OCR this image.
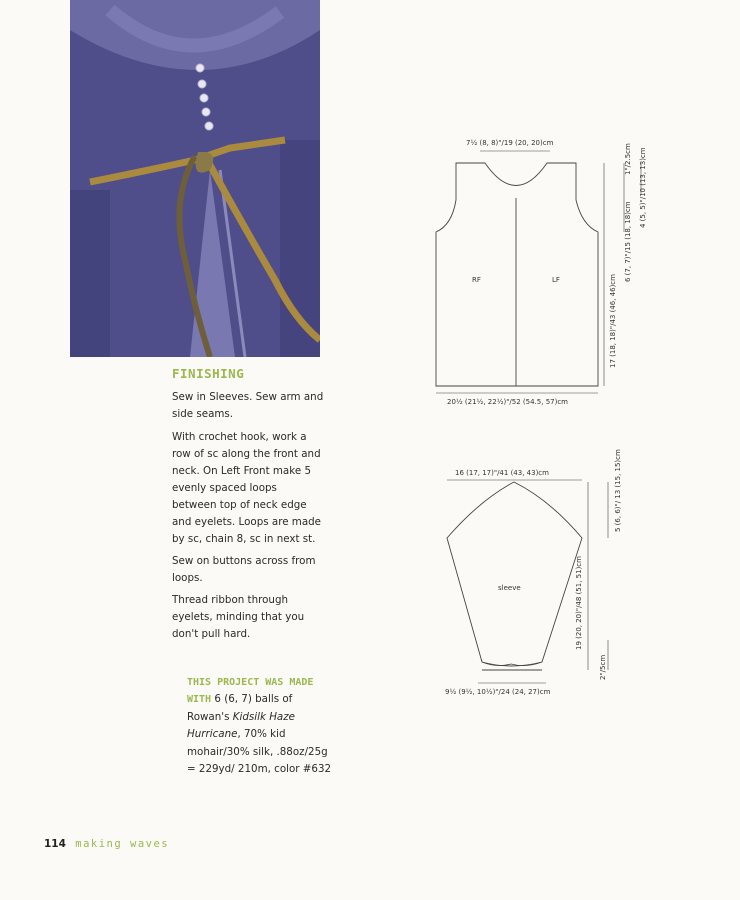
FINISHING

Sew in Sleeves. Sew arm and side seams.

With crochet hook, work a row of sc along the front and neck. On Left Front make 5 evenly spaced loops between top of neck edge and eyelets. Loops are made by sc, chain 8, sc in next st.

Sew on buttons across from loops.

Thread ribbon through eyelets, minding that you don't pull hard.

THIS PROJECT WAS MADE WITH 6 (6, 7) balls of Rowan's Kidsilk Haze Hurricane, 70% kid mohair/30% silk, .88oz/25g = 229yd/ 210m, color #632

7½ (8, 8)"/19 (20, 20)cm
RF	LF
20½ (21½, 22½)"/52 (54.5, 57)cm
17 (18, 18)"/43 (46, 46)cm
6 (7, 7)"/15 (18, 18)cm
4 (5, 5)"/10 (13, 13)cm
1"/2.5cm
16 (17, 17)"/41 (43, 43)cm
sleeve
5 (6, 6)"/ 13 (15, 15)cm
19 (20, 20)"/48 (51, 51)cm
2"/5cm
9½ (9½, 10½)"/24 (24, 27)cm
114 making waves
